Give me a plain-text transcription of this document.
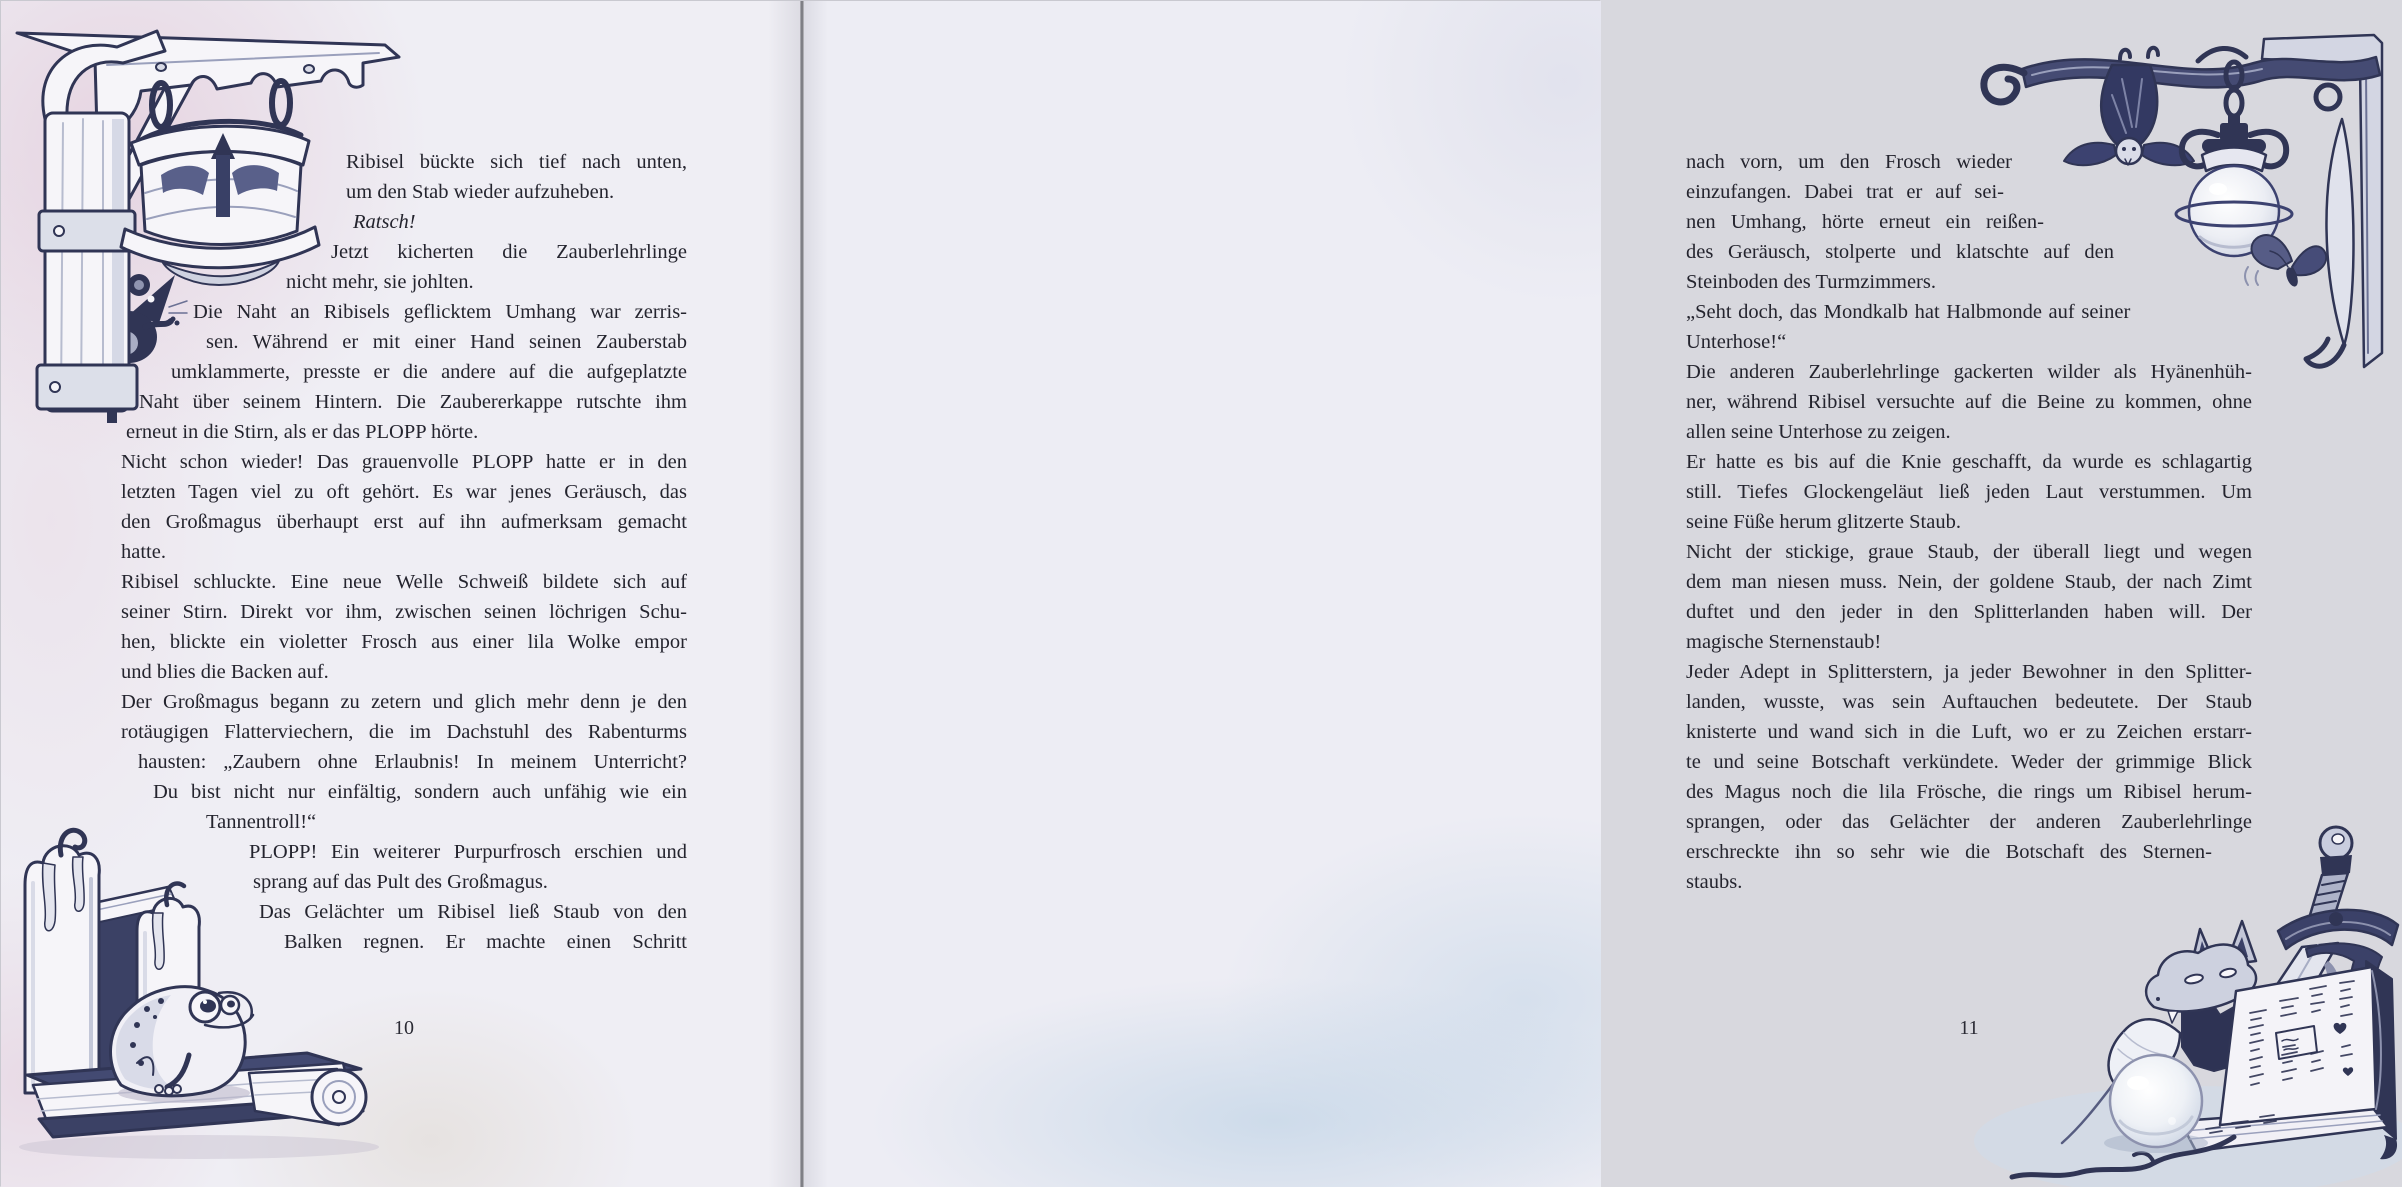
Ribisel bückte sich tief nach unten,
um den Stab wieder aufzuheben.
Ratsch!
Jetzt kicherten die Zauberlehrlinge
nicht mehr, sie johlten.
Die Naht an Ribisels geflicktem Umhang war zerris-
sen. Während er mit einer Hand seinen Zauberstab
umklammerte, presste er die andere auf die aufgeplatzte
Naht über seinem Hintern. Die Zaubererkappe rutschte ihm
erneut in die Stirn, als er das PLOPP hörte.
Nicht schon wieder! Das grauenvolle PLOPP hatte er in den
letzten Tagen viel zu oft gehört. Es war jenes Geräusch, das
den Großmagus überhaupt erst auf ihn aufmerksam gemacht
hatte.
Ribisel schluckte. Eine neue Welle Schweiß bildete sich auf
seiner Stirn. Direkt vor ihm, zwischen seinen löchrigen Schu-
hen, blickte ein violetter Frosch aus einer lila Wolke empor
und blies die Backen auf.
Der Großmagus begann zu zetern und glich mehr denn je den
rotäugigen Flatterviechern, die im Dachstuhl des Rabenturms
hausten: „Zaubern ohne Erlaubnis! In meinem Unterricht?
Du bist nicht nur einfältig, sondern auch unfähig wie ein
Tannentroll!“
PLOPP! Ein weiterer Purpurfrosch erschien und
sprang auf das Pult des Großmagus.
Das Gelächter um Ribisel ließ Staub von den
Balken regnen. Er machte einen Schritt
10
nach vorn, um den Frosch wieder
einzufangen. Dabei trat er auf sei-
nen Umhang, hörte erneut ein reißen-
des Geräusch, stolperte und klatschte auf den
Steinboden des Turmzimmers.
„Seht doch, das Mondkalb hat Halbmonde auf seiner
Unterhose!“
Die anderen Zauberlehrlinge gackerten wilder als Hyänenhüh-
ner, während Ribisel versuchte auf die Beine zu kommen, ohne
allen seine Unterhose zu zeigen.
Er hatte es bis auf die Knie geschafft, da wurde es schlagartig
still. Tiefes Glockengeläut ließ jeden Laut verstummen. Um
seine Füße herum glitzerte Staub.
Nicht der stickige, graue Staub, der überall liegt und wegen
dem man niesen muss. Nein, der goldene Staub, der nach Zimt
duftet und den jeder in den Splitterlanden haben will. Der
magische Sternenstaub!
Jeder Adept in Splitterstern, ja jeder Bewohner in den Splitter-
landen, wusste, was sein Auftauchen bedeutete. Der Staub
knisterte und wand sich in die Luft, wo er zu Zeichen erstarr-
te und seine Botschaft verkündete. Weder der grimmige Blick
des Magus noch die lila Frösche, die rings um Ribisel herum-
sprangen, oder das Gelächter der anderen Zauberlehrlinge
erschreckte ihn so sehr wie die Botschaft des Sternen-
staubs.
11
